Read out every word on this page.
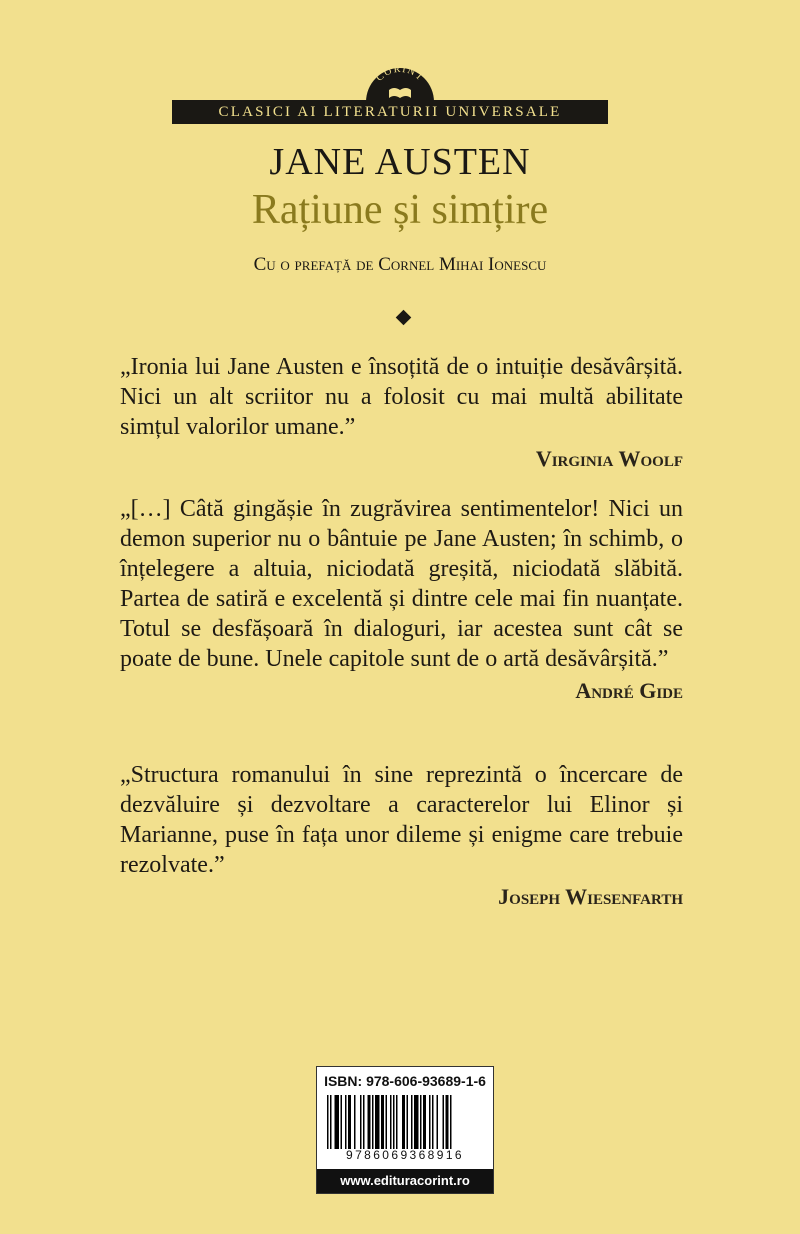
CORINT
CLASICI AI LITERATURII UNIVERSALE
JANE AUSTEN
Rațiune și simțire
Cu o prefață de Cornel Mihai Ionescu

„Ironia lui Jane Austen e însoțită de o intuiție desăvârșită. Nici un alt scriitor nu a folosit cu mai multă abilitate simțul valorilor umane.”

Virginia Woolf

„[…] Câtă gingășie în zugrăvirea sentimentelor! Nici un demon superior nu o bântuie pe Jane Austen; în schimb, o înțelegere a altuia, niciodată greșită, niciodată slăbită. Partea de satiră e excelentă și dintre cele mai fin nuanțate. Totul se desfășoară în dialoguri, iar acestea sunt cât se poate de bune. Unele capitole sunt de o artă desăvârșită.”

André Gide

„Structura romanului în sine reprezintă o încercare de dezvăluire și dezvoltare a caracterelor lui Elinor și Marianne, puse în fața unor dileme și enigme care trebuie rezolvate.”

Joseph Wiesenfarth
ISBN: 978-606-93689-1-6
9786069368916
www.edituracorint.ro
